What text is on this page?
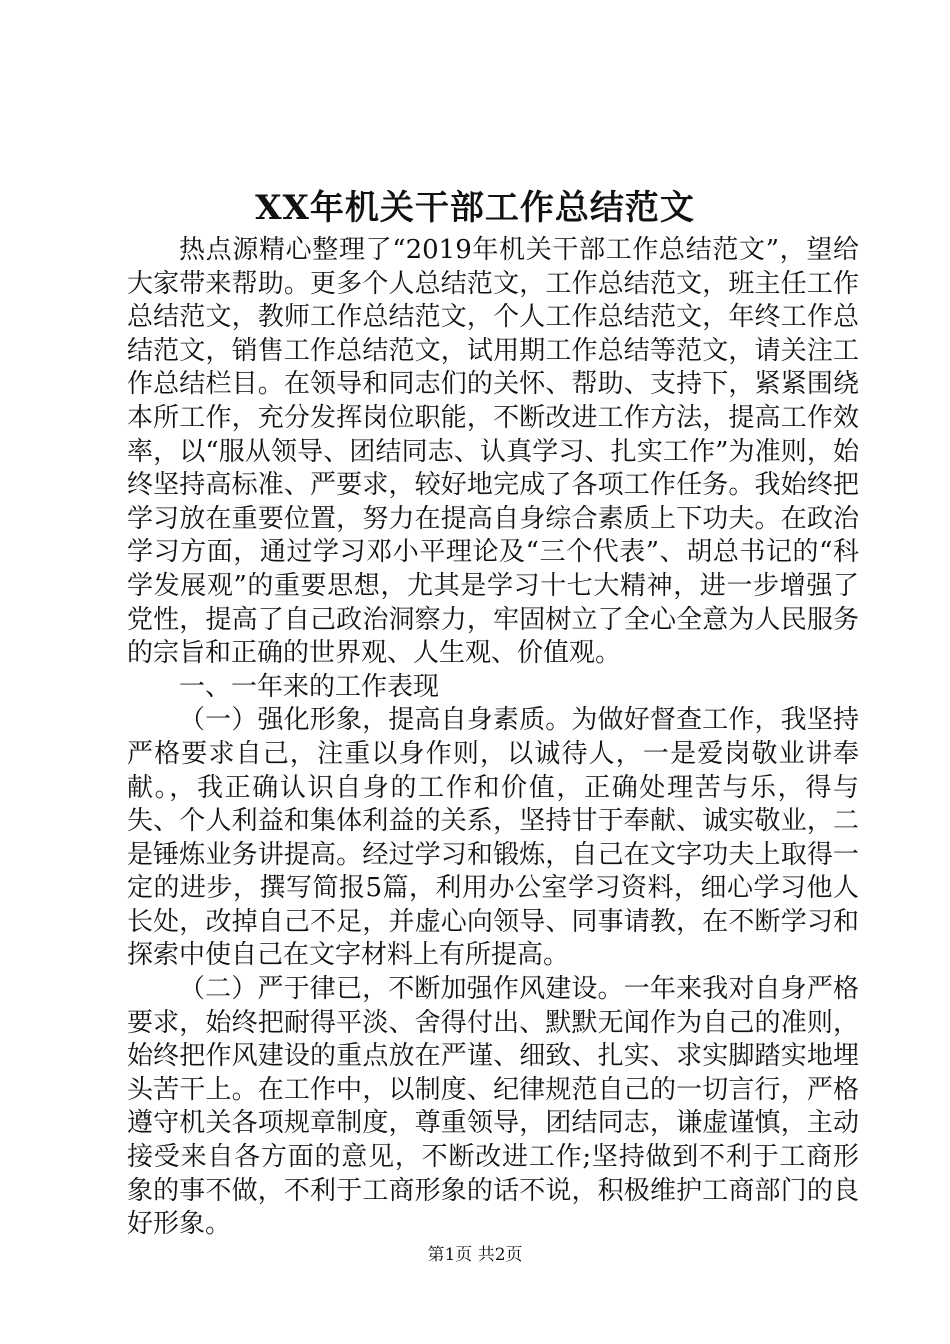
XX年机关干部工作总结范文

热点源精心整理了“2019年机关干部工作总结范文”，望给大家带来帮助。更多个人总结范文，工作总结范文，班主任工作总结范文，教师工作总结范文，个人工作总结范文，年终工作总结范文，销售工作总结范文，试用期工作总结等范文，请关注工作总结栏目。在领导和同志们的关怀、帮助、支持下，紧紧围绕本所工作，充分发挥岗位职能，不断改进工作方法，提高工作效率，以“服从领导、团结同志、认真学习、扎实工作”为准则，始终坚持高标准、严要求，较好地完成了各项工作任务。我始终把学习放在重要位置，努力在提高自身综合素质上下功夫。在政治学习方面，通过学习邓小平理论及“三个代表”、胡总书记的“科学发展观”的重要思想，尤其是学习十七大精神，进一步增强了党性，提高了自己政治洞察力，牢固树立了全心全意为人民服务的宗旨和正确的世界观、人生观、价值观。

一、一年来的工作表现

（一）强化形象，提高自身素质。为做好督查工作，我坚持严格要求自己，注重以身作则，以诚待人，一是爱岗敬业讲奉献。，我正确认识自身的工作和价值，正确处理苦与乐，得与失、个人利益和集体利益的关系，坚持甘于奉献、诚实敬业，二是锤炼业务讲提高。经过学习和锻炼，自己在文字功夫上取得一定的进步，撰写简报5篇，利用办公室学习资料，细心学习他人长处，改掉自己不足，并虚心向领导、同事请教，在不断学习和探索中使自己在文字材料上有所提高。

（二）严于律已，不断加强作风建设。一年来我对自身严格要求，始终把耐得平淡、舍得付出、默默无闻作为自己的准则，始终把作风建设的重点放在严谨、细致、扎实、求实脚踏实地埋头苦干上。在工作中，以制度、纪律规范自己的一切言行，严格遵守机关各项规章制度，尊重领导，团结同志，谦虚谨慎，主动接受来自各方面的意见，不断改进工作;坚持做到不利于工商形象的事不做，不利于工商形象的话不说，积极维护工商部门的良好形象。

第1页 共2页
